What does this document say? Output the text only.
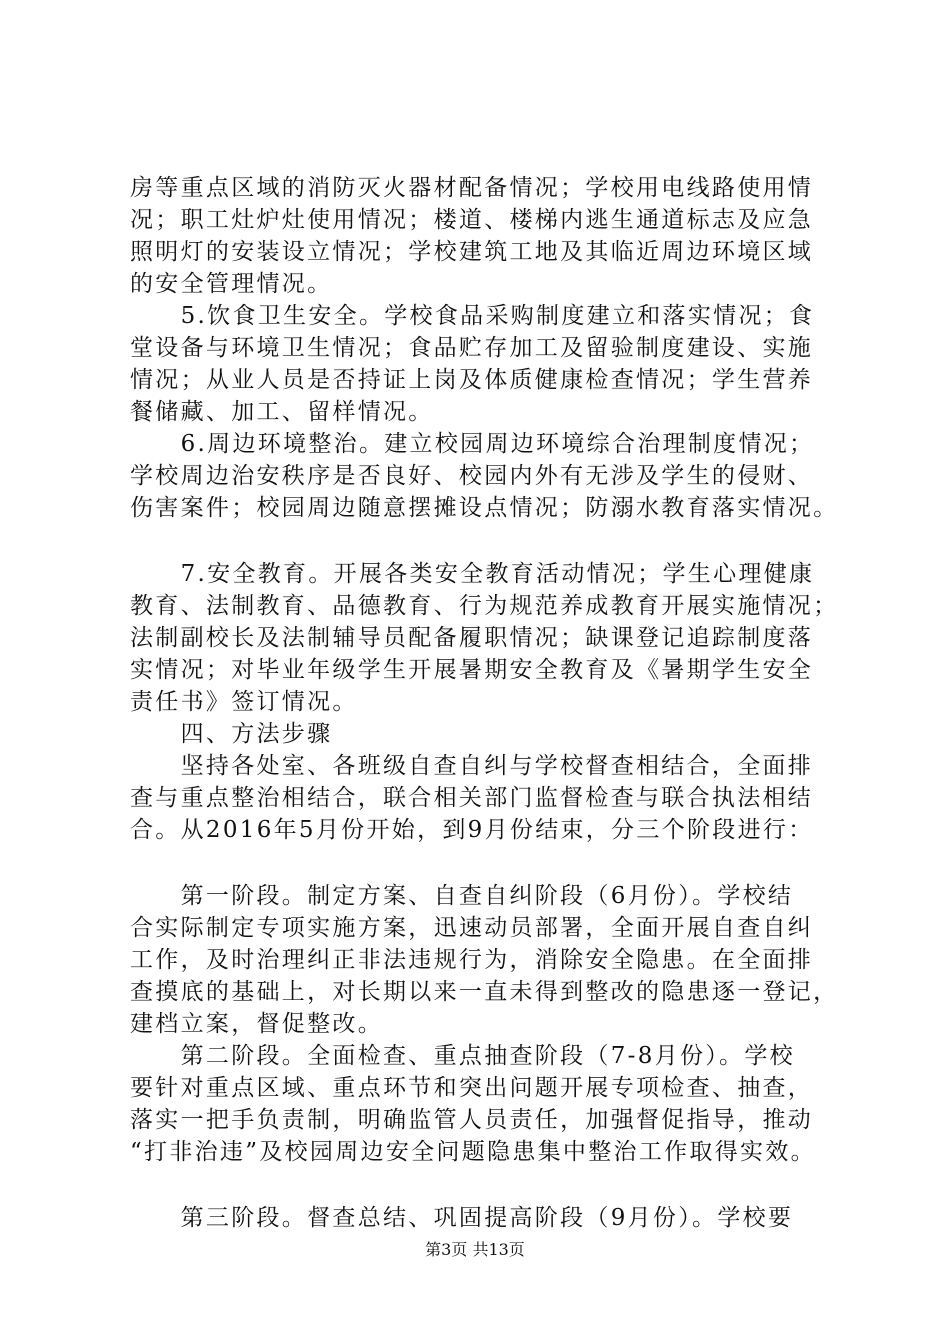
房等重点区域的消防灭火器材配备情况；学校用电线路使用情
况；职工灶炉灶使用情况；楼道、楼梯内逃生通道标志及应急
照明灯的安装设立情况；学校建筑工地及其临近周边环境区域
的安全管理情况。
　　5.饮食卫生安全。学校食品采购制度建立和落实情况；食
堂设备与环境卫生情况；食品贮存加工及留验制度建设、实施
情况；从业人员是否持证上岗及体质健康检查情况；学生营养
餐储藏、加工、留样情况。
　　6.周边环境整治。建立校园周边环境综合治理制度情况；
学校周边治安秩序是否良好、校园内外有无涉及学生的侵财、
伤害案件；校园周边随意摆摊设点情况；防溺水教育落实情况。
　　7.安全教育。开展各类安全教育活动情况；学生心理健康
教育、法制教育、品德教育、行为规范养成教育开展实施情况；
法制副校长及法制辅导员配备履职情况；缺课登记追踪制度落
实情况；对毕业年级学生开展暑期安全教育及《暑期学生安全
责任书》签订情况。
　　四、方法步骤
　　坚持各处室、各班级自查自纠与学校督查相结合，全面排
查与重点整治相结合，联合相关部门监督检查与联合执法相结
合。从2016年5月份开始，到9月份结束，分三个阶段进行：
　　第一阶段。制定方案、自查自纠阶段（6月份）。学校结
合实际制定专项实施方案，迅速动员部署，全面开展自查自纠
工作，及时治理纠正非法违规行为，消除安全隐患。在全面排
查摸底的基础上，对长期以来一直未得到整改的隐患逐一登记，
建档立案，督促整改。
　　第二阶段。全面检查、重点抽查阶段（7-8月份）。学校
要针对重点区域、重点环节和突出问题开展专项检查、抽查，
落实一把手负责制，明确监管人员责任，加强督促指导，推动
“打非治违”及校园周边安全问题隐患集中整治工作取得实效。
　　第三阶段。督查总结、巩固提高阶段（9月份）。学校要
第3页 共13页
